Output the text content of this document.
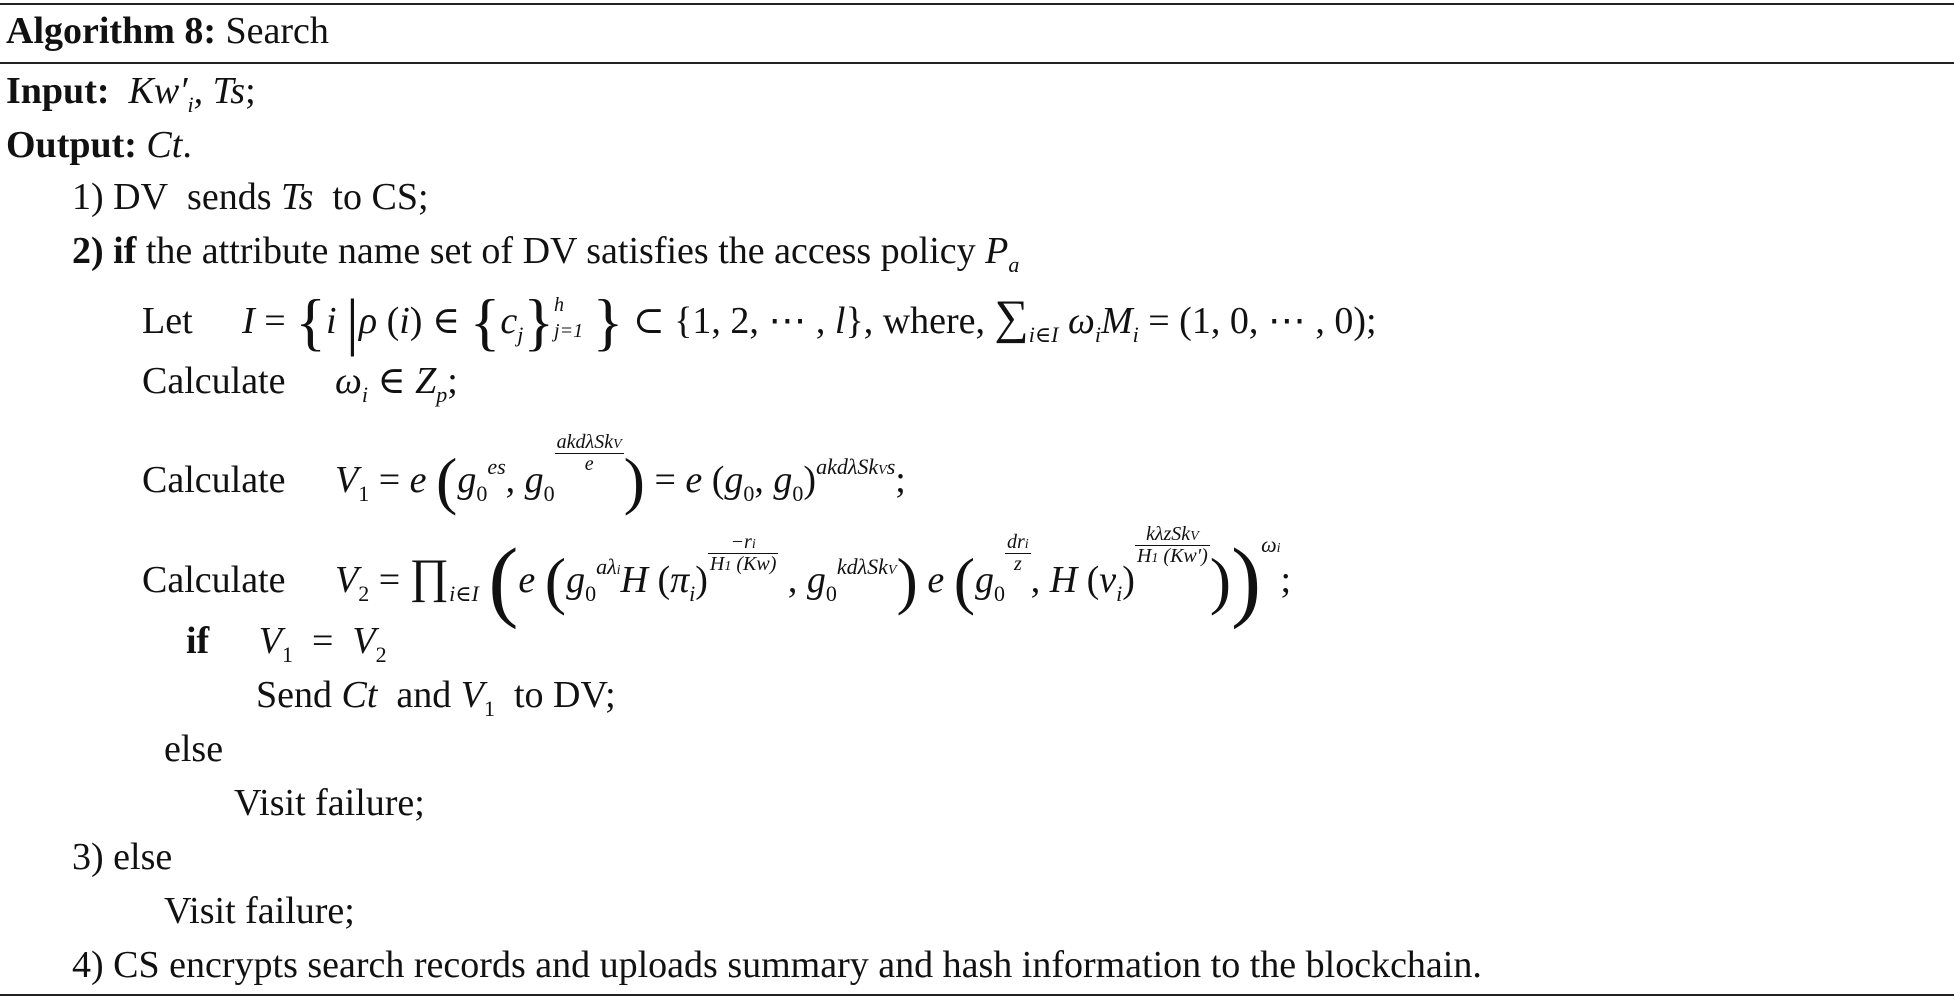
Algorithm 8: Search
Input:  $Kw'_i$, Ts;
Output: Ct.
1) DV  sends Ts  to CS;
2) if the attribute name set of DV satisfies the access policy $P_a$
Let I = {i |ρ (i) ∈ $\{c_j\}$ h
j=1 } ⊂ {1, 2, ⋯ , l}, where, $\sum_{i\in I}$ $\omega_iM_i = (1$, 0, ⋯ , 0);
Calculate $\omega_i$ ∈ $Z_p$;
Calculate $V_1 = e$ ($g_0^{es}$, $g_0$
$\frac{\text{akdλSkV}}{e}$ ) = e ($g_0$, $g_0)^{akd\lambda SkVs}$;
Calculate $V_2$ = $\prod_{i\in I}$ (e ($g_0^{a\lambda i}H$ $(\pi_i)$
$\frac{-ri}{H1 (Kw)}$
, $g_0^{kd\lambda SkV}$) e ($g_0$
$\frac{\text{dri}}{z}$
, H $(v_i)$
$\frac{\text{kλzSkV}}{H1 (Kw')} ))^{\omega i}$;
if $V_1 = V_2$
Send Ct  and $V_1$  to DV;
else
Visit failure;
3) else
Visit failure;
4) CS encrypts search records and uploads summary and hash information to the blockchain.
